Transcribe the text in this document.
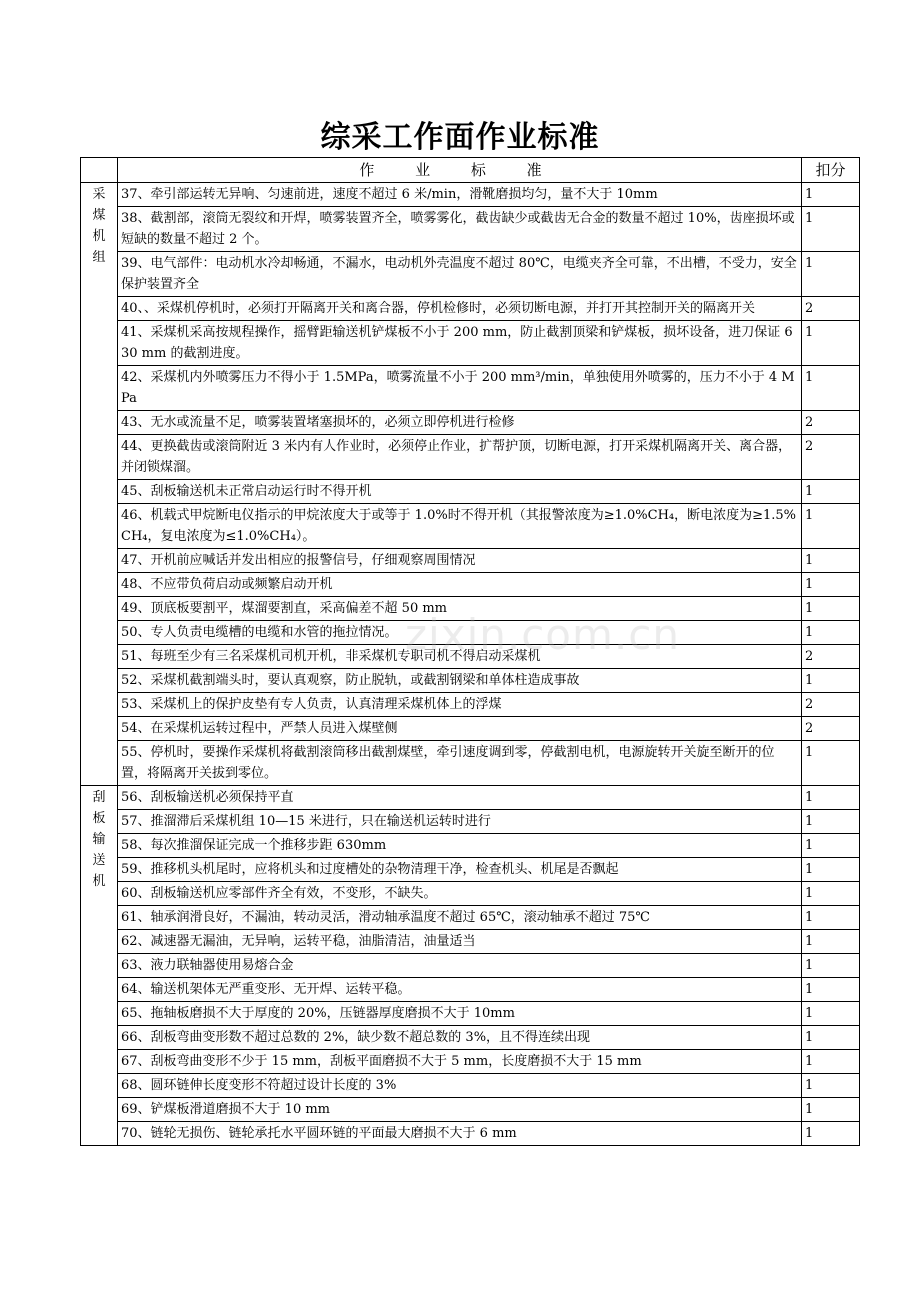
综采工作面作业标准
	作 业 标 准	扣分

采
煤
机
组	37、牵引部运转无异响、匀速前进，速度不超过 6 米/min，滑靴磨损均匀，量不大于 10mm	1
	38、截割部，滚筒无裂纹和开焊，喷雾装置齐全，喷雾雾化，截齿缺少或截齿无合金的数量不超过 10%，齿座损坏或短缺的数量不超过 2 个。	1
	39、电气部件：电动机水冷却畅通，不漏水，电动机外壳温度不超过 80℃，电缆夹齐全可靠，不出槽，不受力，安全保护装置齐全	1
	40、、采煤机停机时，必须打开隔离开关和离合器，停机检修时，必须切断电源，并打开其控制开关的隔离开关	2
	41、采煤机采高按规程操作，摇臂距输送机铲煤板不小于 200 mm，防止截割顶梁和铲煤板，损坏设备，进刀保证 630 mm 的截割进度。	1
	42、采煤机内外喷雾压力不得小于 1.5MPa，喷雾流量不小于 200 mm³/min，单独使用外喷雾的，压力不小于 4 MPa	1
	43、无水或流量不足，喷雾装置堵塞损坏的，必须立即停机进行检修	2
	44、更换截齿或滚筒附近 3 米内有人作业时，必须停止作业，扩帮护顶，切断电源，打开采煤机隔离开关、离合器，并闭锁煤溜。	2
	45、刮板输送机未正常启动运行时不得开机	1
	46、机载式甲烷断电仪指示的甲烷浓度大于或等于 1.0%时不得开机（其报警浓度为≥1.0%CH₄，断电浓度为≥1.5%CH₄，复电浓度为≤1.0%CH₄）。	1
	47、开机前应喊话并发出相应的报警信号，仔细观察周围情况	1
	48、不应带负荷启动或频繁启动开机	1
	49、顶底板要割平，煤溜要割直，采高偏差不超 50 mm	1
	50、专人负责电缆槽的电缆和水管的拖拉情况。	1
	51、每班至少有三名采煤机司机开机，非采煤机专职司机不得启动采煤机	2
	52、采煤机截割端头时，要认真观察，防止脱轨，或截割钢梁和单体柱造成事故	1
	53、采煤机上的保护皮垫有专人负责，认真清理采煤机体上的浮煤	2
	54、在采煤机运转过程中，严禁人员进入煤壁侧	2
	55、停机时，要操作采煤机将截割滚筒移出截割煤壁，牵引速度调到零，停截割电机，电源旋转开关旋至断开的位置，将隔离开关拔到零位。	1

刮
板
输
送
机	56、刮板输送机必须保持平直	1
	57、推溜滞后采煤机组 10—15 米进行，只在输送机运转时进行	1
	58、每次推溜保证完成一个推移步距 630mm	1
	59、推移机头机尾时，应将机头和过度槽处的杂物清理干净，检查机头、机尾是否飘起	1
	60、刮板输送机应零部件齐全有效，不变形，不缺失。	1
	61、轴承润滑良好，不漏油，转动灵活，滑动轴承温度不超过 65℃，滚动轴承不超过 75℃	1
	62、减速器无漏油，无异响，运转平稳，油脂清洁，油量适当	1
	63、液力联轴器使用易熔合金	1
	64、输送机架体无严重变形、无开焊、运转平稳。	1
	65、拖轴板磨损不大于厚度的 20%，压链器厚度磨损不大于 10mm	1
	66、刮板弯曲变形数不超过总数的 2%，缺少数不超总数的 3%，且不得连续出现	1
	67、刮板弯曲变形不少于 15 mm，刮板平面磨损不大于 5 mm，长度磨损不大于 15 mm	1
	68、圆环链伸长度变形不符超过设计长度的 3%	1
	69、铲煤板滑道磨损不大于 10 mm	1
	70、链轮无损伤、链轮承托水平圆环链的平面最大磨损不大于 6 mm	1
zixin.com.cn
